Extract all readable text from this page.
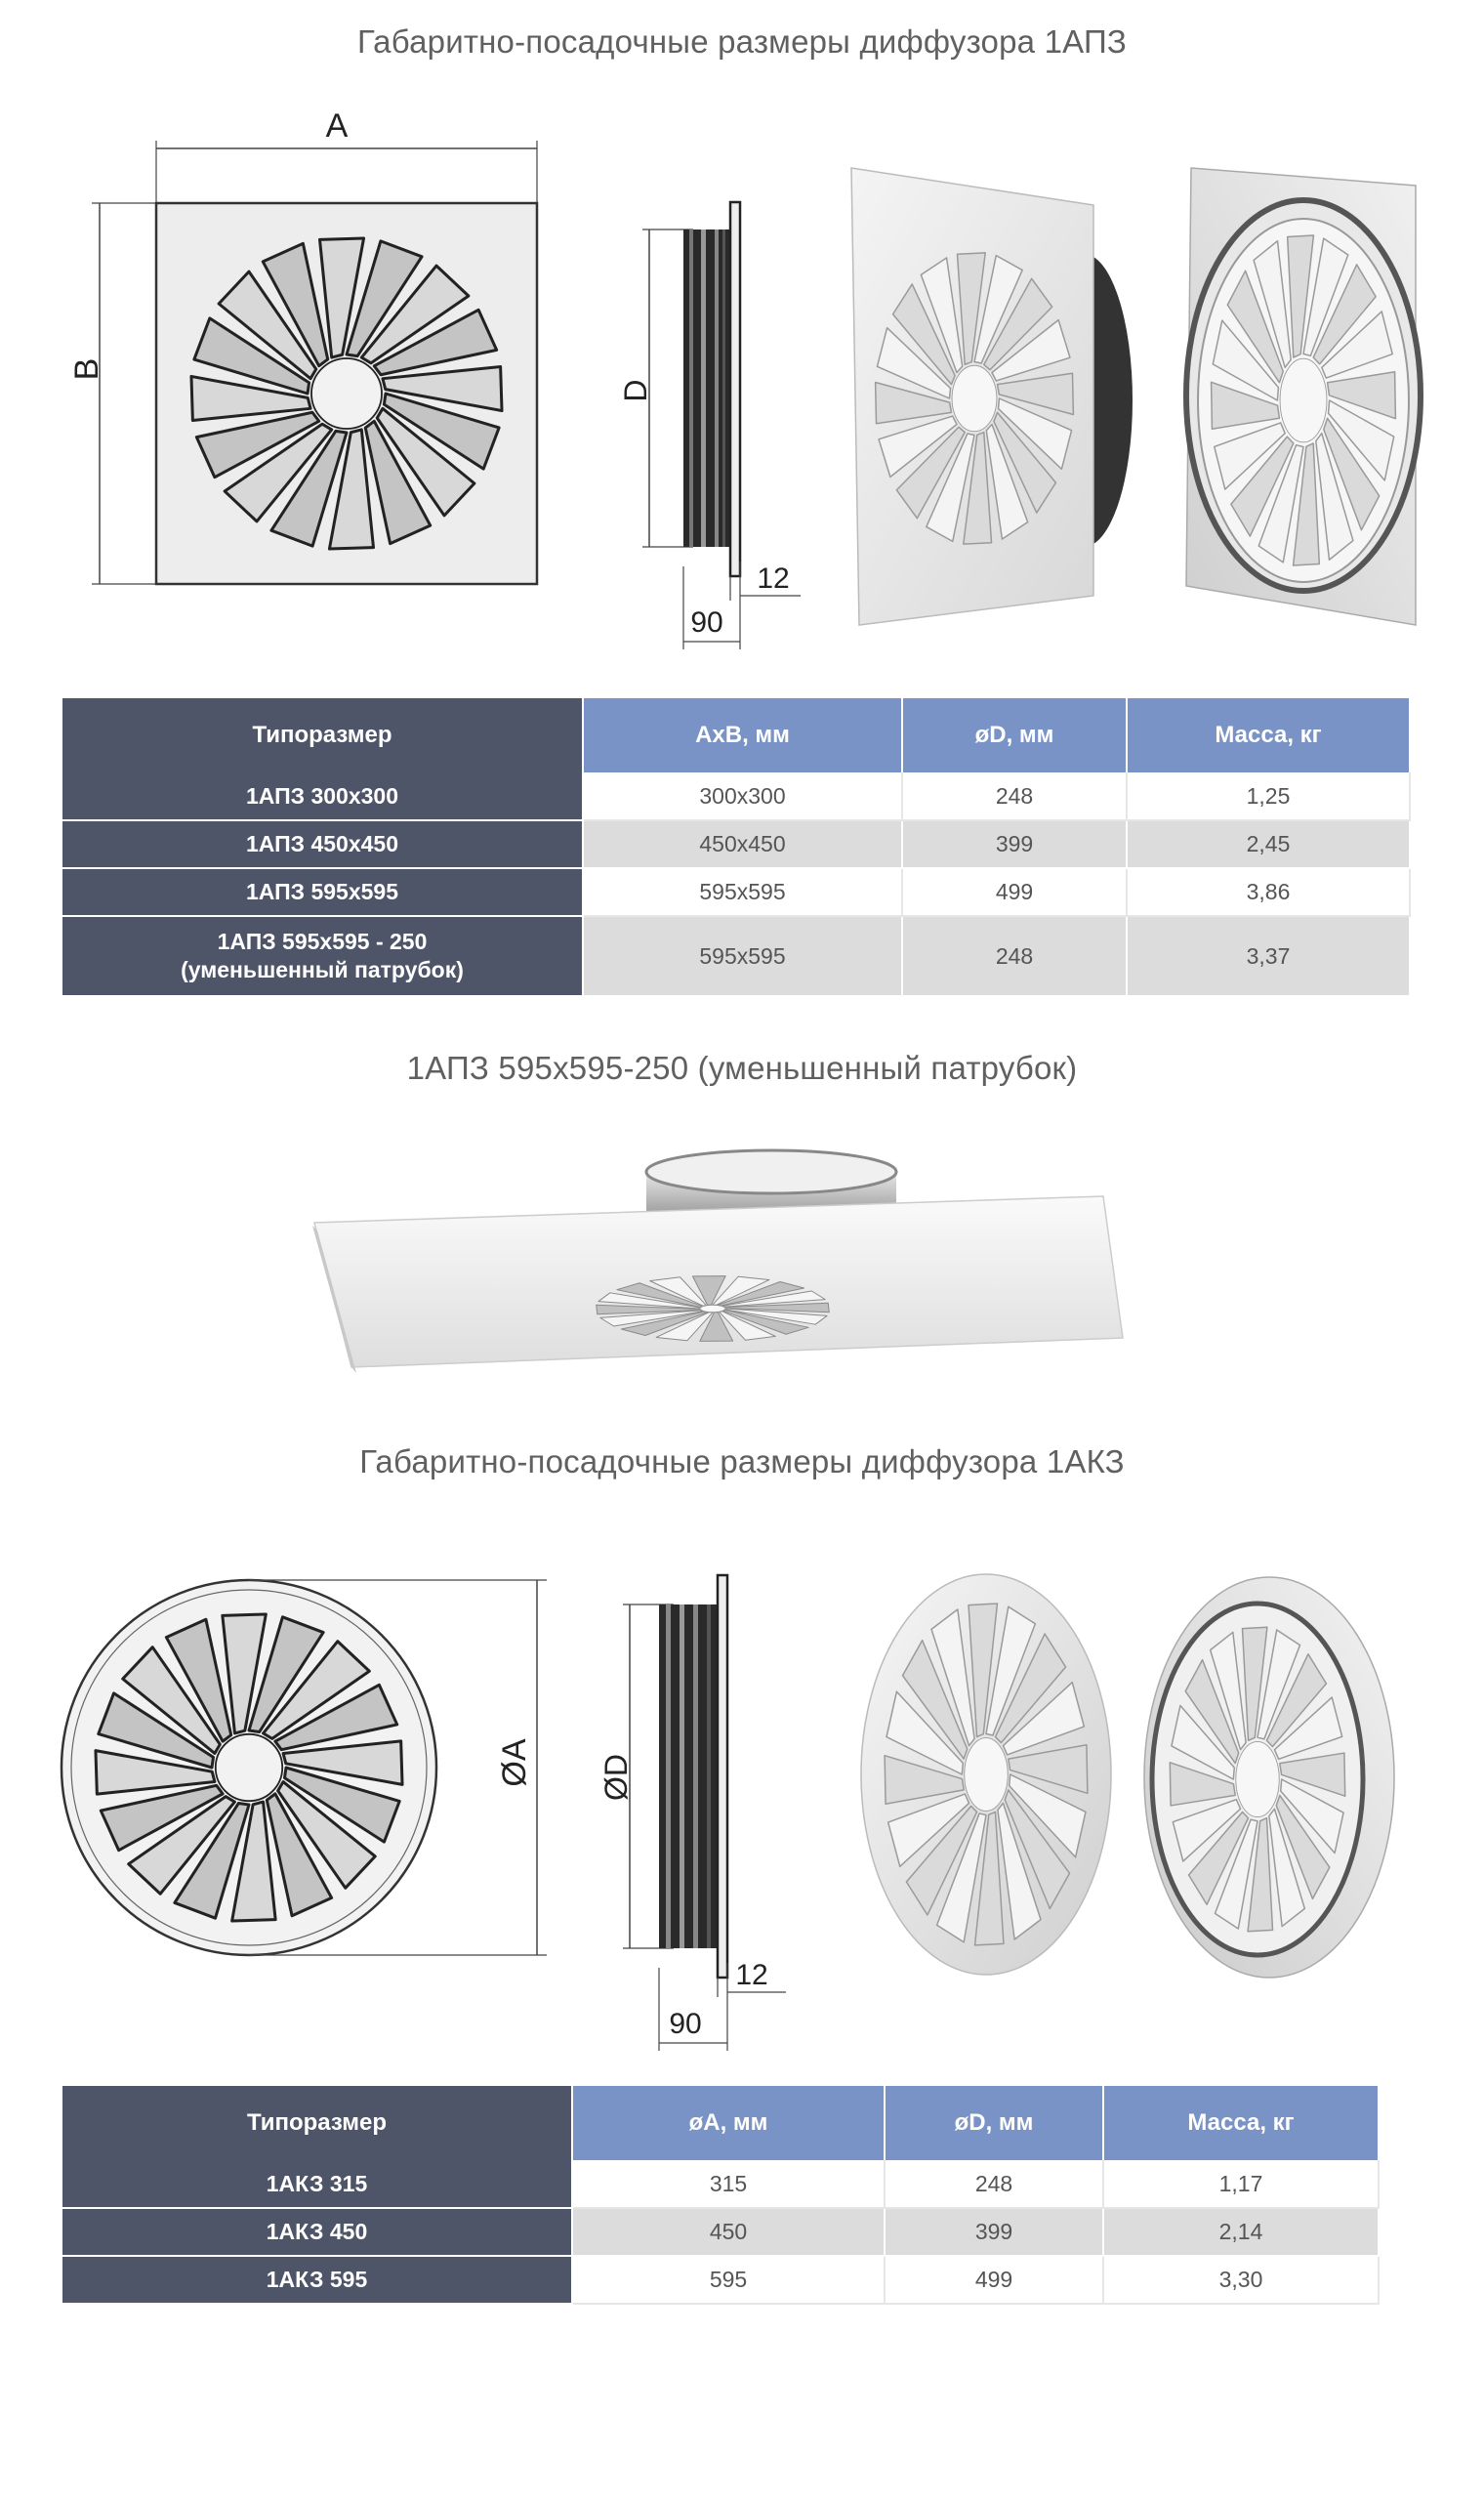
Габаритно-посадочные размеры диффузора 1АПЗ
A
B
D
90
12
Типоразмер	АхВ, мм	øD, мм	Масса, кг
1АПЗ 300х300	300х300	248	1,25
1АПЗ 450х450	450х450	399	2,45
1АПЗ 595х595	595х595	499	3,86

1АПЗ 595х595 - 250
(уменьшенный патрубок)	595х595	248	3,37
1АПЗ 595х595-250 (уменьшенный патрубок)
Габаритно-посадочные размеры диффузора 1АКЗ
ØA ØD
90
12
Типоразмер	øА, мм	øD, мм	Масса, кг
1АКЗ 315	315	248	1,17
1АКЗ 450	450	399	2,14
1АКЗ 595	595	499	3,30
